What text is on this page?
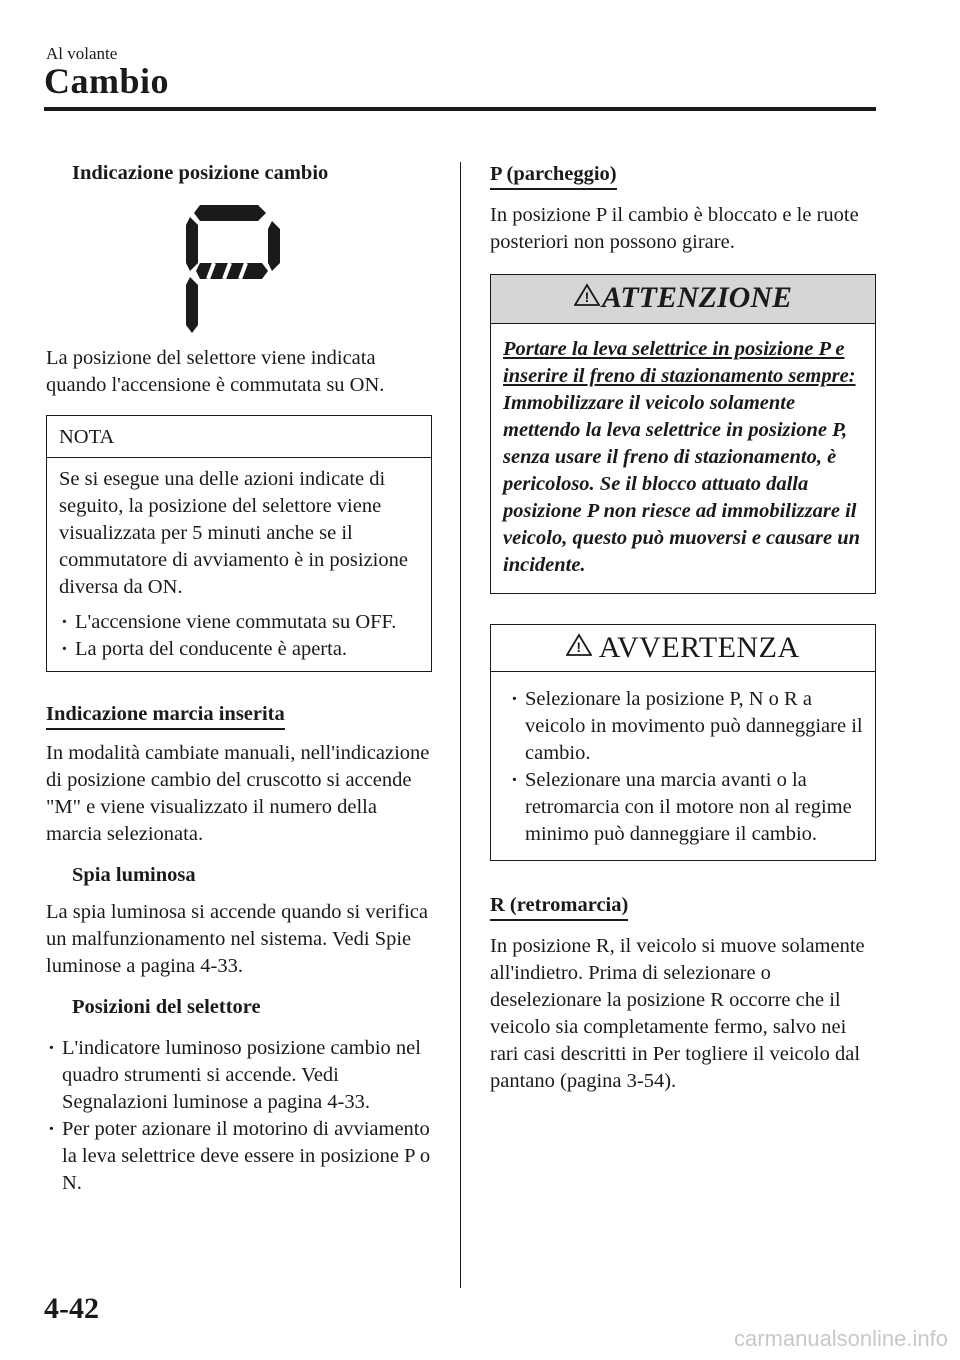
Al volante
Cambio

Indicazione posizione cambio

La posizione del selettore viene indicata quando l'accensione è commutata su ON.

NOTA

Se si esegue una delle azioni indicate di seguito, la posizione del selettore viene visualizzata per 5 minuti anche se il commutatore di avviamento è in posizione diversa da ON.

· L'accensione viene commutata su OFF.
· La porta del conducente è aperta.
Indicazione marcia inserita

In modalità cambiate manuali, nell'indicazione di posizione cambio del cruscotto si accende "M" e viene visualizzato il numero della marcia selezionata.

Spia luminosa

La spia luminosa si accende quando si verifica un malfunzionamento nel sistema. Vedi Spie luminose a pagina 4-33.

Posizioni del selettore

· L'indicatore luminoso posizione cambio nel quadro strumenti si accende. Vedi Segnalazioni luminose a pagina 4-33.
· Per poter azionare il motorino di avviamento la leva selettrice deve essere in posizione P o N.
P (parcheggio)

In posizione P il cambio è bloccato e le ruote posteriori non possono girare.

! ATTENZIONE

Portare la leva selettrice in posizione P e inserire il freno di stazionamento sempre:

Immobilizzare il veicolo solamente mettendo la leva selettrice in posizione P, senza usare il freno di stazionamento, è pericoloso. Se il blocco attuato dalla posizione P non riesce ad immobilizzare il veicolo, questo può muoversi e causare un incidente.

! AVVERTENZA
· Selezionare la posizione P, N o R a veicolo in movimento può danneggiare il cambio.
· Selezionare una marcia avanti o la retromarcia con il motore non al regime minimo può danneggiare il cambio.
R (retromarcia)

In posizione R, il veicolo si muove solamente all'indietro. Prima di selezionare o deselezionare la posizione R occorre che il veicolo sia completamente fermo, salvo nei rari casi descritti in Per togliere il veicolo dal pantano (pagina 3-54).

4-42
carmanualsonline.info
